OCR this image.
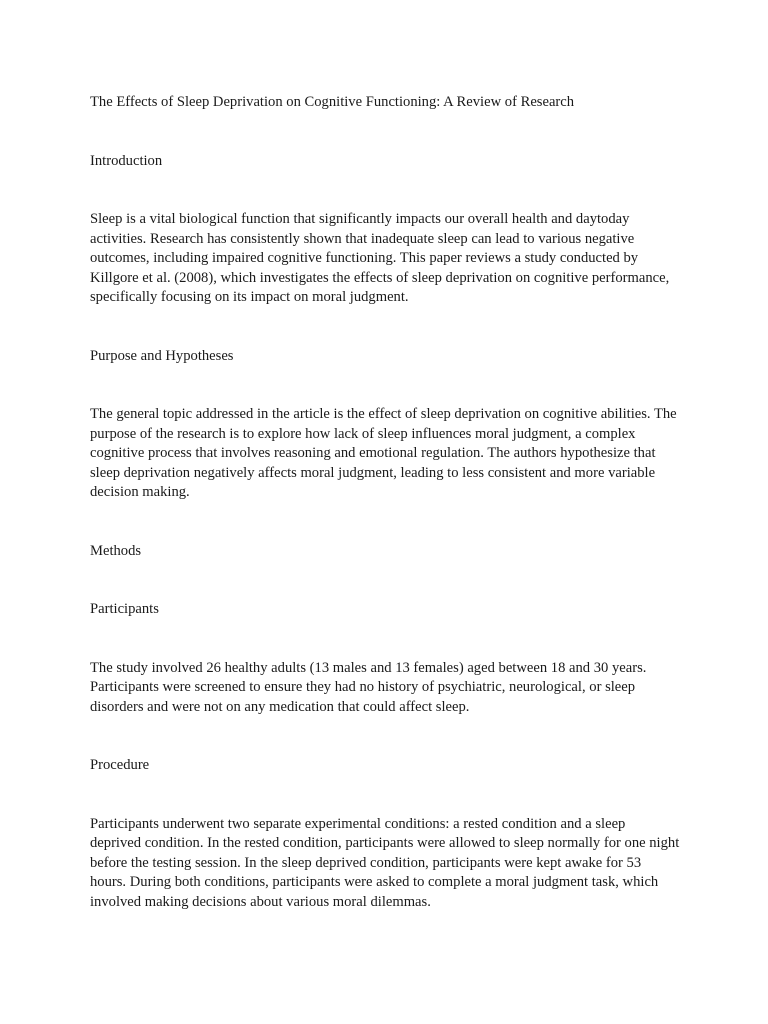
The Effects of Sleep Deprivation on Cognitive Functioning: A Review of Research

Introduction

Sleep is a vital biological function that significantly impacts our overall health and daytoday activities. Research has consistently shown that inadequate sleep can lead to various negative outcomes, including impaired cognitive functioning. This paper reviews a study conducted by Killgore et al. (2008), which investigates the effects of sleep deprivation on cognitive performance, specifically focusing on its impact on moral judgment.

Purpose and Hypotheses

The general topic addressed in the article is the effect of sleep deprivation on cognitive abilities. The purpose of the research is to explore how lack of sleep influences moral judgment, a complex cognitive process that involves reasoning and emotional regulation. The authors hypothesize that sleep deprivation negatively affects moral judgment, leading to less consistent and more variable decision making.

Methods

Participants

The study involved 26 healthy adults (13 males and 13 females) aged between 18 and 30 years. Participants were screened to ensure they had no history of psychiatric, neurological, or sleep disorders and were not on any medication that could affect sleep.

Procedure

Participants underwent two separate experimental conditions: a rested condition and a sleep deprived condition. In the rested condition, participants were allowed to sleep normally for one night before the testing session. In the sleep deprived condition, participants were kept awake for 53 hours. During both conditions, participants were asked to complete a moral judgment task, which involved making decisions about various moral dilemmas.
